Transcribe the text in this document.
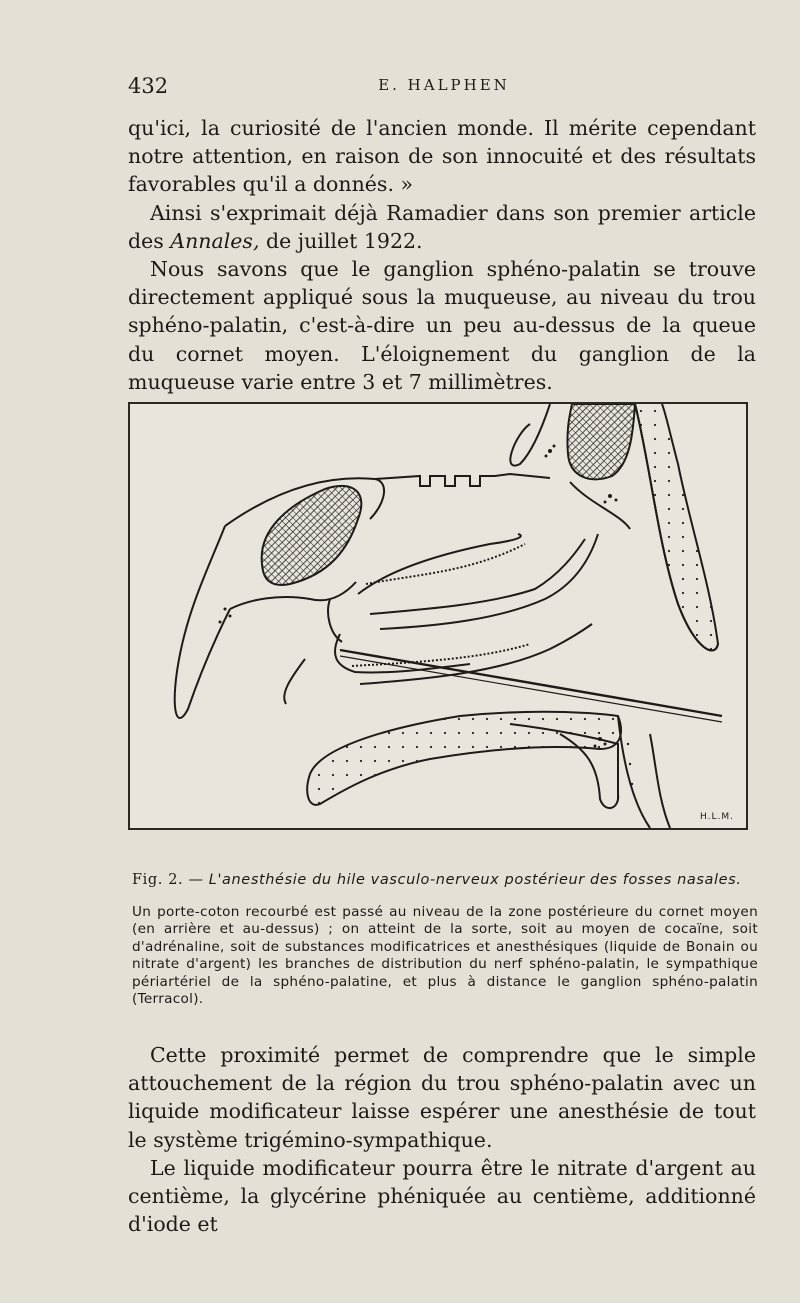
432	E. HALPHEN

qu'ici, la curiosité de l'ancien monde. Il mérite cependant notre attention, en raison de son innocuité et des résultats favorables qu'il a donnés. »

Ainsi s'exprimait déjà Ramadier dans son premier article des Annales, de juillet 1922.

Nous savons que le ganglion sphéno-palatin se trouve directement appliqué sous la muqueuse, au niveau du trou sphéno-palatin, c'est-à-dire un peu au-dessus de la queue du cornet moyen. L'éloignement du ganglion de la muqueuse varie entre 3 et 7 millimètres.

H.L.M.
Fig. 2. — L'anesthésie du hile vasculo-nerveux postérieur des fosses nasales.
Un porte-coton recourbé est passé au niveau de la zone postérieure du cornet moyen (en arrière et au-dessus) ; on atteint de la sorte, soit au moyen de cocaïne, soit d'adrénaline, soit de substances modificatrices et anesthésiques (liquide de Bonain ou nitrate d'argent) les branches de distribution du nerf sphéno-palatin, le sympathique périartériel de la sphéno-palatine, et plus à distance le ganglion sphéno-palatin (Terracol).

Cette proximité permet de comprendre que le simple attouchement de la région du trou sphéno-palatin avec un liquide modificateur laisse espérer une anesthésie de tout le système trigémino-sympathique.

Le liquide modificateur pourra être le nitrate d'argent au centième, la glycérine phéniquée au centième, additionné d'iode et
